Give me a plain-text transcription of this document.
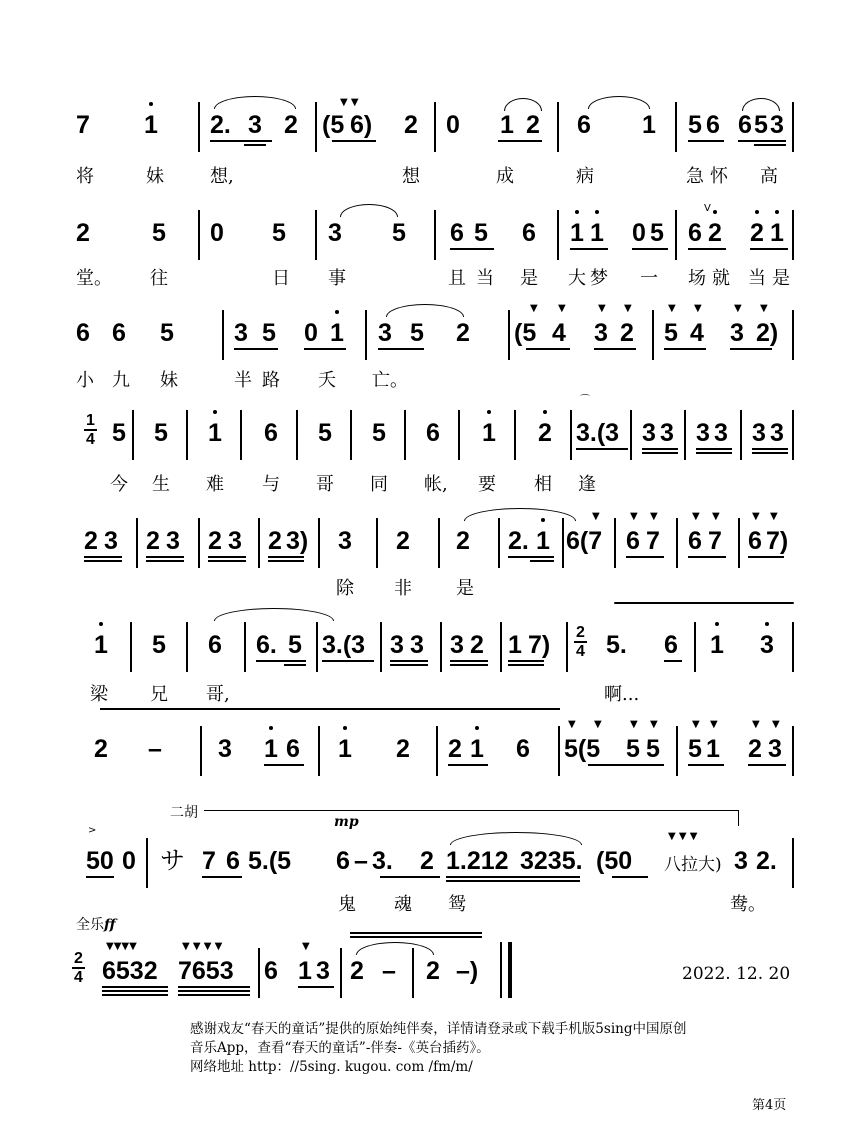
7 1 2. 3 2 (5 6)
▼ ▼
2 0 1 2 6 1 5 6 6 5 3
将	妹	想,	想	成	病	急 怀 高
2 5 0 5 3 5 6 5 6 1 1 0 5
V
6 2 2 1
堂。 往	日 事	且 当 是 大 梦 一 场 就 当 是
6 6 5 3 5 0 1 3 5 2 (5 4 3 2
▼ ▼	▼ ▼
5 4 3 2)
▼ ▼	▼ ▼
小 九 妹	半 路 夭 亡。
1
4 5 5 1 6 5 5 6 1 2 3.(3
⌒
3 3 3 3 3 3
今 生 难 与 哥 同 帐, 要 相 逢
2 3 2 3 2 3 2 3) 3 2 2 2. 1 6(7
▼
6 7
▼ ▼
6 7
▼ ▼
6 7)
▼ ▼
除 非 是
1 5 6 6. 5 3.(3 3 3 3 2 1 7) 2
4 5. 6 1 3
梁 兄 哥,	啊...
2 – 3 1 6 1 2 2 1 6 5(5
▼ ▼
5 5
▼ ▼
5 1
▼ ▼
2 3
▼ ▼
二胡
mp
>
50 0 サ 7 6 5.(5 6 – 3. 2 1.212 3235. (50 八拉大)
▼ ▼ ▼
3 2.
鬼 魂 鸳	鸯。
全乐ff
2
4 6532
▼▼▼▼
7653
▼ ▼ ▼ ▼
6 1 3
▼
2 – 2 –)	2022. 12. 20
感谢戏友“春天的童话”提供的原始纯伴奏，详情请登录或下载手机版5sing中国原创
音乐App，查看“春天的童话”-伴奏-《英台插药》。
网络地址 http：//5sing. kugou. com /fm/m/
第4页
